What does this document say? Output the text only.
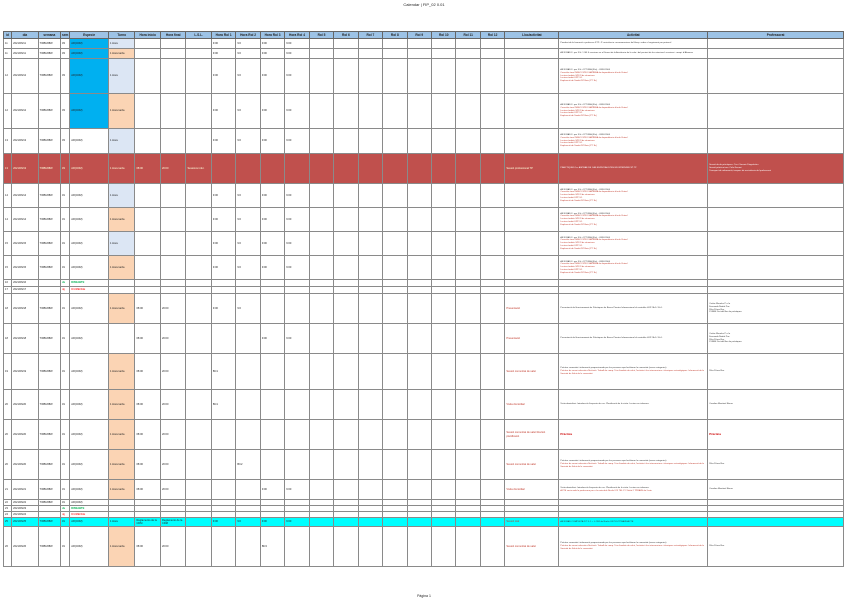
Calendar | FIP_02 0.01
id	día	semana	sem	Especie	Turno	Hora inicio	Hora final	L.S.L.	Hora Rol 1	Hora Rol 2	Hora Rol 3	Hora Rol 4	Rol 5	Rol 6	Rol 7	Rol 8	Rol 9	Rol 10	Rol 11	Rol 12	Lloc/activitat	Activitat	Professorat
11	2021/06/11	TWBU88W	#3	AR(CDM)	1 Hora				9:00	9:0	9:00	9:00										Pendent de la formació o professor FTP i P. assistència: recomanacions del Hosp. sobre el seguiment per protocol	

11	2021/06/11	TWBU88W	#3	AR(CDM)	1 Hora tarda				9:00	9:0	9:00	9:00										AR R RAD F: per 3 H: 1 SN 4 sessions en el Servei de la Asistència de la sala i del pacient de les rotacions/ sessions i compt. d'Alumnes	

12	2021/06/12	TWBU88W	#3	AR(CDM)	1 Hora				9:00	9:0	9:00	9:00										AR R RAD F: per 3 H: 4 PTONA (3/ts) - UNI:D2004
Consulta àrea INFECCIÓ/IO MATÈRIA de dependència d'aula Virtual
Lectura àmbits SP8 9 de situacions
Lectura àmbit UPP 3-1
Exploració de l'àmbit N7 Baix (PT 1b)	

12	2021/06/12	TWBU88W	#3	AR(CDM)	1 Hora tarda				9:00	9:0	9:00	9:00										AR R RAD F: per 3 H: 4 PTONA (3/ts) - UNI:D2004
Consulta àrea INFECCIÓ/IO MATÈRIA de dependència d'aula Virtual
Lectura àmbits SP8 9 de situacions
Lectura àmbit UPP 3-1
Exploració de l'àmbit N7 Baix (PT 1b)	

13	2021/06/13	TWBU88W	#3	AR(CDM)	1 Hora				9:00	9:0	9:00	9:00										AR R RAD F: per 3 H: 4 PTONA (3/ts) - UNI:D2004
Consulta àrea INFECCIÓ/IO MATÈRIA de dependència d'aula Virtual
Lectura àmbits SP8 9 de situacions
Lectura àmbit UPP 3-1
Exploració de l'àmbit N7 Baix (PT 1b)	

13	2021/06/13	TWBU88W	#3	AR(CDM)	1 Hora tarda	08:00	20:00	Sessions infer.													Sessió professional TP	PRÀCTIQUES 1a: ASPRÀE DE CAS ESPECIALISTES EN INTERVENCIÓ TP	Sessió de de pràctiques. Cos i Serveis Diagnòstics
Sessió pràctica trav. Ciclo Ferrovi
Transport de reformació, tasques de assistència del professorat

14	2021/06/14	TWBU88W	#1	AR(CDM)	1 Hora				9:00	9:0	9:00	9:00										AR R RAD F: per 3 H: 4 PTONA (3/ts) - UNI:D2004
Consulta àrea INFECCIÓ/IO MATÈRIA de dependència d'aula Virtual
Lectura àmbits SP8 9 de situacions
Lectura àmbit UPP 3-1
Exploració de l'àmbit N7 Baix (PT 1b)	

14	2021/06/14	TWBU88W	#1	AR(CDM)	1 Hora tarda				9:00	9:0	9:00	9:00										AR R RAD F: per 3 H: 4 PTONA (3/ts) - UNI:D2004
Consulta àrea INFECCIÓ/IO MATÈRIA de dependència d'aula Virtual
Lectura àmbits SP8 9 de situacions
Lectura àmbit UPP 3-1
Exploració de l'àmbit N7 Baix (PT 1b)	

15	2021/06/15	TWBU88W	#1	AR(CDM)	1 Hora				9:00	9:0	9:00	9:00										AR R RAD F: per 3 H: 4 PTONA (3/ts) - UNI:D2004
Consulta àrea INFECCIÓ/IO MATÈRIA de dependència d'aula Virtual
Lectura àmbits SP8 9 de situacions
Lectura àmbit UPP 3-1
Exploració de l'àmbit N7 Baix (PT 1b)	

15	2021/06/15	TWBU88W	#1	AR(CDM)	1 Hora tarda				9:00	9:0	9:00	9:00										AR R RAD F: per 3 H: 4 PTONA (3/ts) - UNI:D2004
Consulta àrea INFECCIÓ/IO MATÈRIA de dependència d'aula Virtual
Lectura àmbits SP8 9 de situacions
Lectura àmbit UPP 3-1
Exploració de l'àmbit N7 Baix (PT 1b)	

16	2021/06/16		ds	DISSABTE																			
17	2021/06/17		dg	DIUMENGE																			
18	2021/06/18	TWBU88W	#1	AR(CDM)	1 Hora tarda	08:00	20:00		9:00	9:0											Presentació	Presentació del funcionament de Pràctiques de Bases Pinetes Informacional al contraller H1P. 9b1 i 9 b1.	Carlos Morales P a la
Fernando Nodrà Paz
Pilar Pérez Roc
P.UIEB Dist del Bar de pràctiques

18	2021/06/18	TWBU88W	#1	AR(CDM)		08:00	20:00				9:00	9:00									Presentació	Presentació del funcionament de Pràctiques de Bases Pinetes Informacional al contraller H1P. 9b1 i 9 b1.	Carlos Morales P a la
Fernando Nodrà Paz
Pilar Pérez Roc
P.UIEB Dist del Bar de pràctiques

19	2021/06/19	TWBU88W	#1	AR(CDM)	1 Hora tarda	08:00	20:00		BC1												Sessió comunitat de salut	Pràctica comunitat i informació proporcionada per les persones que facilitaran la comunitat (veure categories)
Pràctica de servei educatiu d'Inclusió. Treball de camp: Tria d'ambits de salut, l'activitat i les intervencions i tècniques estratègiques. Informació de la Societat de Salut de la comunitat.	Pilar Pérez Roc

20	2021/06/20	TWBU88W	#1	AR(CDM)	1 Hora tarda	08:00	20:00		BC1												Visita domiciliari	Visita domiciliari: Introducció d'aspecte de cas. Planificació de la visita. Lectura en informes.	Carolina Montinel Roure

20	2021/06/20	TWBU88W	#1	AR(CDM)	1 Hora tarda	08:00	20:00														Sessió comunitat de salut Revisió planificació	Pràctica	Pràctica
20	2021/06/20	TWBU88W	#1	AR(CDM)	1 Hora tarda	08:00	20:00			BC2											Sessió comunitat de salut	Pràctica comunitat i informació proporcionada per les persones que facilitaran la comunitat (veure categories)
Pràctica de servei educatiu d'Inclusió. Treball de camp: Tria d'ambits de salut, l'activitat i les intervencions i tècniques estratègiques. Informació de la Societat de Salut de la comunitat.	Pilar Pérez Roc

21	2021/06/21	TWBU88W	#1	AR(CDM)	1 Hora tarda	08:00	20:00				9:00	9:00									Visita domiciliari	Visita domiciliari: Introducció d'aspecte de cas. Planificació de la visita. Lectura en informes.
ACTE socio amb la professora per a la nota dels Nuclis ICF TEL P 2 Salut 2 TPRAVE de l'acte	Carolina Montinel Roure

22	2021/06/22	TWBU88W	#1	AR(CDM)																		

23	2021/06/23		ds	DISSABTE																			
24	2021/06/24		dg	DIUMENGE																			
25	2021/06/25	TWBU88W	#1	AR(CDM)	1 Hora	Reglamento de la CDM	Reglamento de la CDM		9:00	9:0	9:00	9:00									Sessió oral	AR R RAD COMPLETA 2 P 3 -1 + L.CB1 de Nuclis U3 PLS TPRAVE/ACTE	

26	2021/06/26	TWBU88W	#1	AR(CDM)	1 Hora tarda	08:00	20:00				BC3										Sessió comunitat de salut	Pràctica comunitat i informació proporcionada per les persones que facilitaran la comunitat (veure categories)
Pràctica de servei educatiu d'Inclusió. Treball de camp: Tria d'ambits de salut, l'activitat i les intervencions i tècniques estratègiques. Informació de la Societat de Salut de la comunitat.	Pilar Pérez Roc
Página 1
